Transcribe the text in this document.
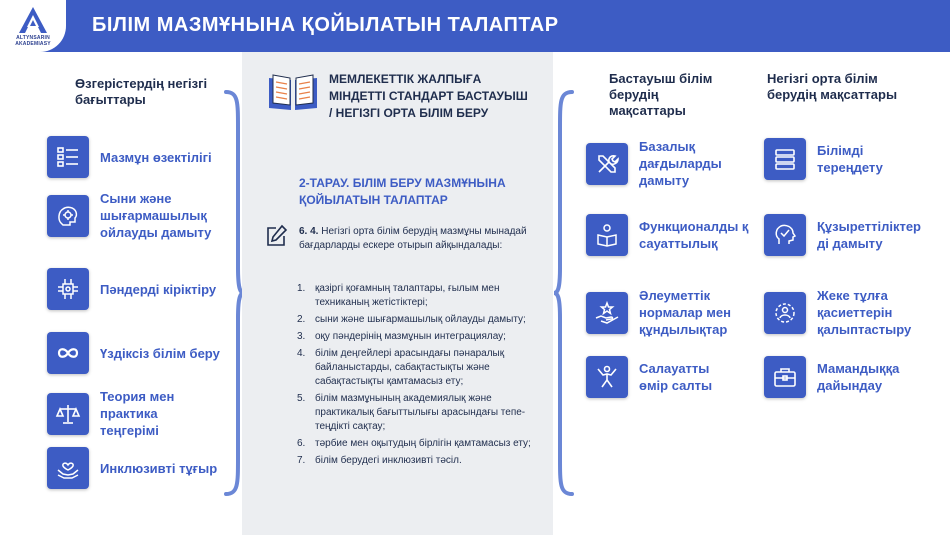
ALTYNSARIN AKADEMIASY
БІЛІМ МАЗМҰНЫНА ҚОЙЫЛАТЫН ТАЛАПТАР
Өзгерістердің негізгі бағыттары
Мазмұн өзектілігі
Сыни және шығармашылық ойлауды дамыту
Пәндерді кіріктіру
Үздіксіз білім беру
Теория мен практика теңгерімі
Инклюзивті тұғыр
МЕМЛЕКЕТТІК ЖАЛПЫҒА МІНДЕТТІ СТАНДАРТ БАСТАУЫШ / НЕГІЗГІ ОРТА БІЛІМ БЕРУ
2-ТАРАУ. БІЛІМ БЕРУ МАЗМҰНЫНА ҚОЙЫЛАТЫН ТАЛАПТАР
6. 4. Негізгі орта білім берудің мазмұны мынадай бағдарларды ескере отырып айқындалады:
1. қазіргі қоғамның талаптары, ғылым мен техниканың жетістіктері;
2. сыни және шығармашылық ойлауды дамыту;
3. оқу пәндерінің мазмұнын интеграциялау;
4. білім деңгейлері арасындағы пәнаралық байланыстарды, сабақтастықты және сабақтастықты қамтамасыз ету;
5. білім мазмұнының академиялық және практикалық бағыттылығы арасындағы тепе-теңдікті сақтау;
6. тәрбие мен оқытудың бірлігін қамтамасыз ету;
7. білім берудегі инклюзивті тәсіл.
Бастауыш білім берудің мақсаттары
Базалық дағдыларды дамыту
Функционалды қ сауаттылық
Әлеуметтік нормалар мен құндылықтар
Салауатты өмір салты
Негізгі орта білім берудің мақсаттары
Білімді тереңдету
Құзыреттіліктер ді дамыту
Жеке тұлға қасиеттерін қалыптастыру
Мамандыққа дайындау
